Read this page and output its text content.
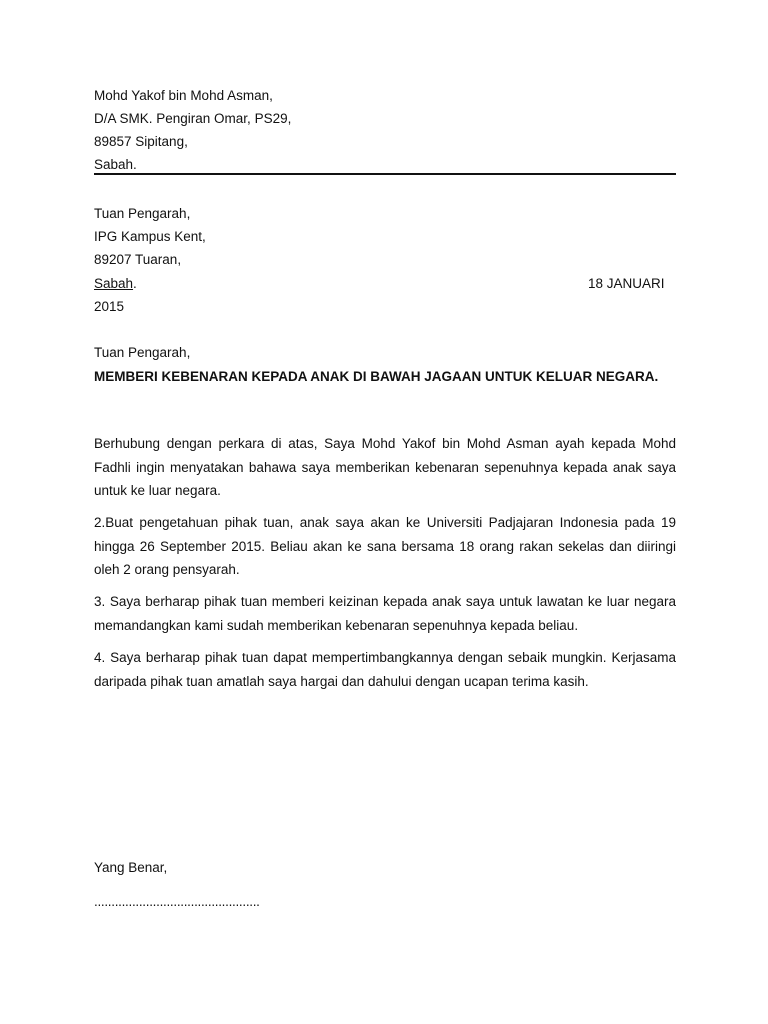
Mohd Yakof bin Mohd Asman,
D/A SMK. Pengiran Omar, PS29,
89857 Sipitang,
Sabah.
Tuan Pengarah,
IPG Kampus Kent,
89207 Tuaran,
Sabah.	18 JANUARI
2015
Tuan Pengarah,
MEMBERI KEBENARAN KEPADA ANAK DI BAWAH JAGAAN UNTUK KELUAR NEGARA.
Berhubung dengan perkara di atas, Saya Mohd Yakof bin Mohd Asman ayah kepada Mohd Fadhli ingin menyatakan bahawa saya memberikan kebenaran sepenuhnya kepada anak saya untuk ke luar negara.
2.Buat pengetahuan pihak tuan, anak saya akan ke Universiti Padjajaran Indonesia pada 19 hingga 26 September 2015. Beliau akan ke sana bersama 18 orang rakan sekelas dan diiringi oleh 2 orang pensyarah.
3. Saya berharap pihak tuan memberi keizinan kepada anak saya untuk lawatan ke luar negara memandangkan kami sudah memberikan kebenaran sepenuhnya kepada beliau.
4. Saya berharap pihak tuan dapat mempertimbangkannya dengan sebaik mungkin. Kerjasama daripada pihak tuan amatlah saya hargai dan dahului dengan ucapan terima kasih.
Yang Benar,
................................................
